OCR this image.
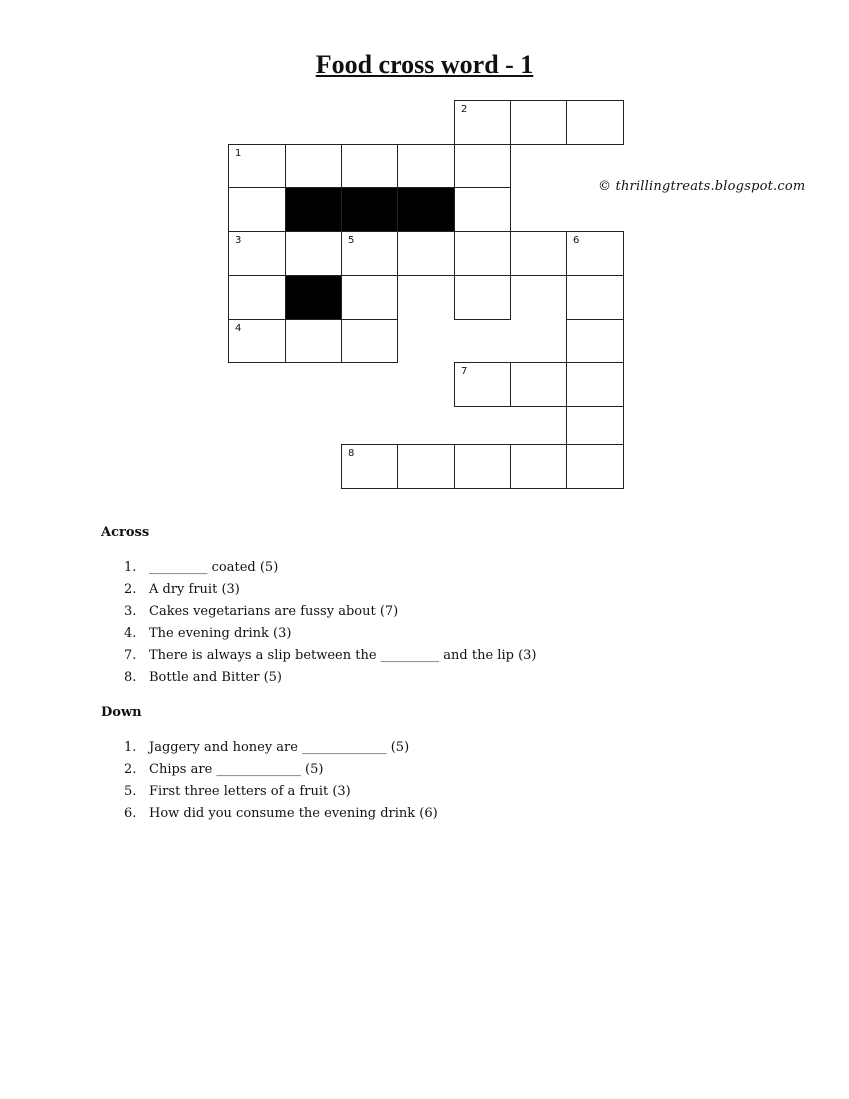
Food cross word - 1
2
1
3	5	6
4
7
8
© thrillingtreats.blogspot.com
Across
1. _________ coated (5)
2. A dry fruit (3)
3. Cakes vegetarians are fussy about (7)
4. The evening drink (3)
7. There is always a slip between the _________ and the lip (3)
8. Bottle and Bitter (5)
Down
1. Jaggery and honey are _____________ (5)
2. Chips are _____________ (5)
5. First three letters of a fruit (3)
6. How did you consume the evening drink (6)
